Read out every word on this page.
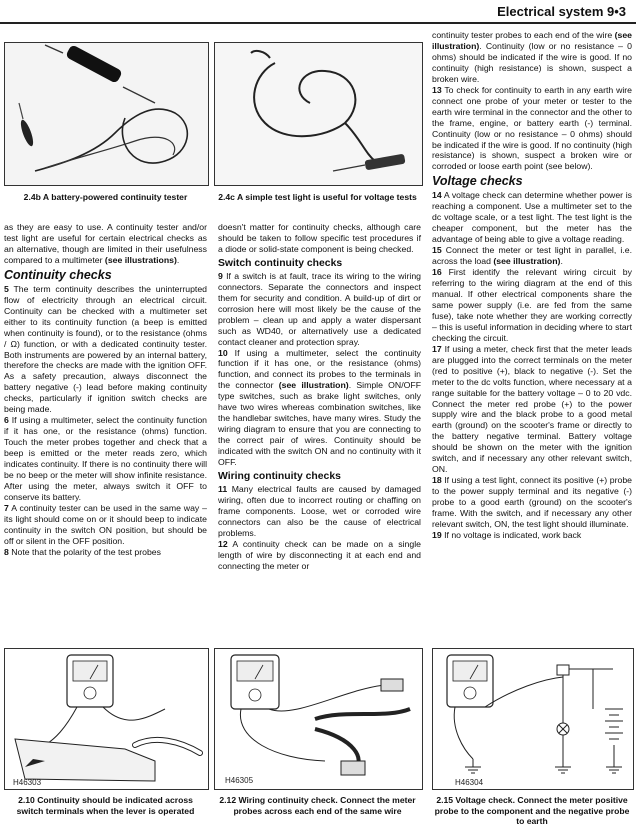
Electrical system 9•3
2.4b A battery-powered continuity tester	2.4c A simple test light is useful for voltage tests

as they are easy to use. A continuity tester and/or test light are useful for certain electrical checks as an alternative, though are limited in their usefulness compared to a multimeter (see illustrations).

Continuity checks

5 The term continuity describes the uninterrupted flow of electricity through an electrical circuit. Continuity can be checked with a multimeter set either to its continuity function (a beep is emitted when continuity is found), or to the resistance (ohms / Ω) function, or with a dedicated continuity tester. Both instruments are powered by an internal battery, therefore the checks are made with the ignition OFF. As a safety precaution, always disconnect the battery negative (-) lead before making continuity checks, particularly if ignition switch checks are being made.

6 If using a multimeter, select the continuity function if it has one, or the resistance (ohms) function. Touch the meter probes together and check that a beep is emitted or the meter reads zero, which indicates continuity. If there is no continuity there will be no beep or the meter will show infinite resistance. After using the meter, always switch it OFF to conserve its battery.

7 A continuity tester can be used in the same way – its light should come on or it should beep to indicate continuity in the switch ON position, but should be off or silent in the OFF position.

8 Note that the polarity of the test probes

doesn't matter for continuity checks, although care should be taken to follow specific test procedures if a diode or solid-state component is being checked.

Switch continuity checks

9 If a switch is at fault, trace its wiring to the wiring connectors. Separate the connectors and inspect them for security and condition. A build-up of dirt or corrosion here will most likely be the cause of the problem – clean up and apply a water dispersant such as WD40, or alternatively use a dedicated contact cleaner and protection spray.

10 If using a multimeter, select the continuity function if it has one, or the resistance (ohms) function, and connect its probes to the terminals in the connector (see illustration). Simple ON/OFF type switches, such as brake light switches, only have two wires whereas combination switches, like the handlebar switches, have many wires. Study the wiring diagram to ensure that you are connecting to the correct pair of wires. Continuity should be indicated with the switch ON and no continuity with it OFF.

Wiring continuity checks

11 Many electrical faults are caused by damaged wiring, often due to incorrect routing or chaffing on frame components. Loose, wet or corroded wire connectors can also be the cause of electrical problems.

12 A continuity check can be made on a single length of wire by disconnecting it at each end and connecting the meter or

continuity tester probes to each end of the wire (see illustration). Continuity (low or no resistance – 0 ohms) should be indicated if the wire is good. If no continuity (high resistance) is shown, suspect a broken wire.

13 To check for continuity to earth in any earth wire connect one probe of your meter or tester to the earth wire terminal in the connector and the other to the frame, engine, or battery earth (-) terminal. Continuity (low or no resistance – 0 ohms) should be indicated if the wire is good. If no continuity (high resistance) is shown, suspect a broken wire or corroded or loose earth point (see below).

Voltage checks

14 A voltage check can determine whether power is reaching a component. Use a multimeter set to the dc voltage scale, or a test light. The test light is the cheaper component, but the meter has the advantage of being able to give a voltage reading.

15 Connect the meter or test light in parallel, i.e. across the load (see illustration).

16 First identify the relevant wiring circuit by referring to the wiring diagram at the end of this manual. If other electrical components share the same power supply (i.e. are fed from the same fuse), take note whether they are working correctly – this is useful information in deciding where to start checking the circuit.

17 If using a meter, check first that the meter leads are plugged into the correct terminals on the meter (red to positive (+), black to negative (-). Set the meter to the dc volts function, where necessary at a range suitable for the battery voltage – 0 to 20 vdc. Connect the meter red probe (+) to the power supply wire and the black probe to a good metal earth (ground) on the scooter's frame or directly to the battery negative terminal. Battery voltage should be shown on the meter with the ignition switch, and if necessary any other relevant switch, ON.

18 If using a test light, connect its positive (+) probe to the power supply terminal and its negative (-) probe to a good earth (ground) on the scooter's frame. With the switch, and if necessary any other relevant switch, ON, the test light should illuminate.

19 If no voltage is indicated, work back

H46303
2.10 Continuity should be indicated across switch terminals when the lever is operated
H46305
2.12 Wiring continuity check. Connect the meter probes across each end of the same wire
H46304
2.15 Voltage check. Connect the meter positive probe to the component and the negative probe to earth
